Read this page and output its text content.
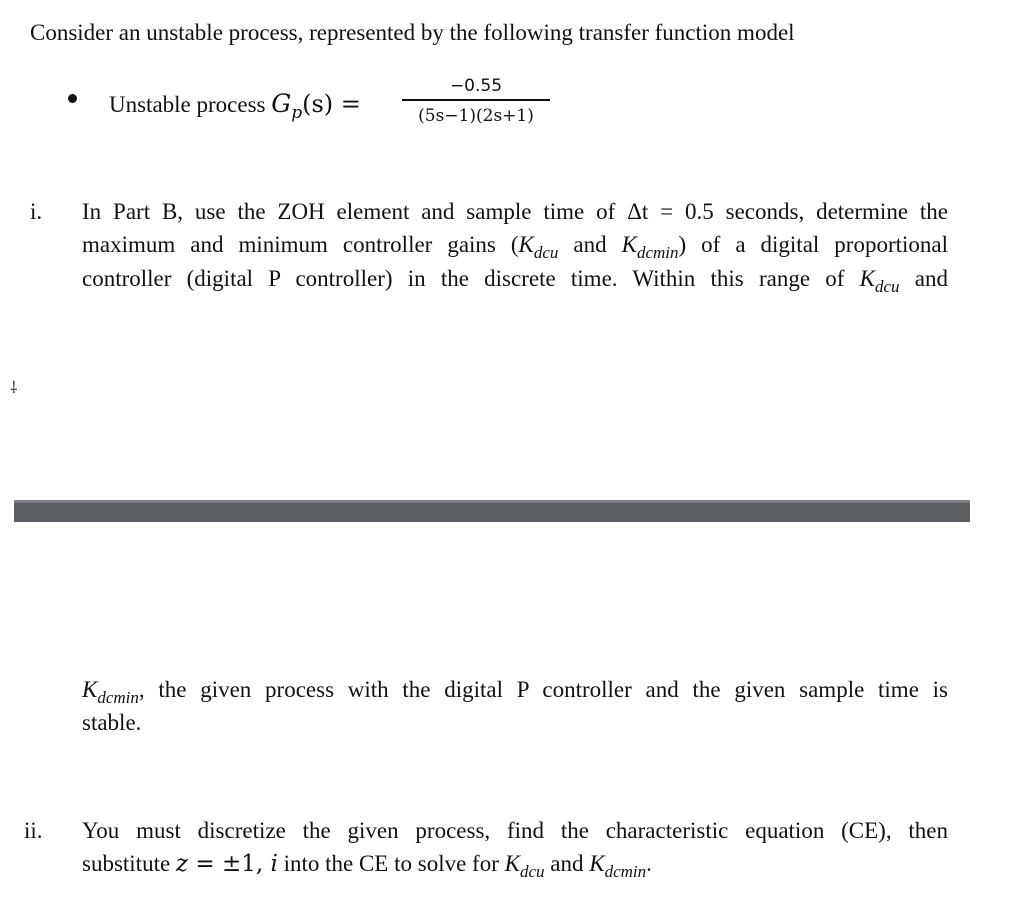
Consider an unstable process, represented by the following transfer function model
Unstable process $G_p(s)$ =
−0.55
(5s−1)(2s+1)
i. In Part B, use the ZOH element and sample time of Δt = 0.5 seconds, determine the
maximum and minimum controller gains ($K_{dcu}$ and $K_{dcmin}$) of a digital proportional
controller (digital P controller) in the discrete time. Within this range of $K_{dcu}$ and
⸸
$K_{dcmin}$, the given process with the digital P controller and the given sample time is
stable.
ii. You must discretize the given process, find the characteristic equation (CE), then
substitute z = ±1, i into the CE to solve for $K_{dcu}$ and $K_{dcmin}$.
